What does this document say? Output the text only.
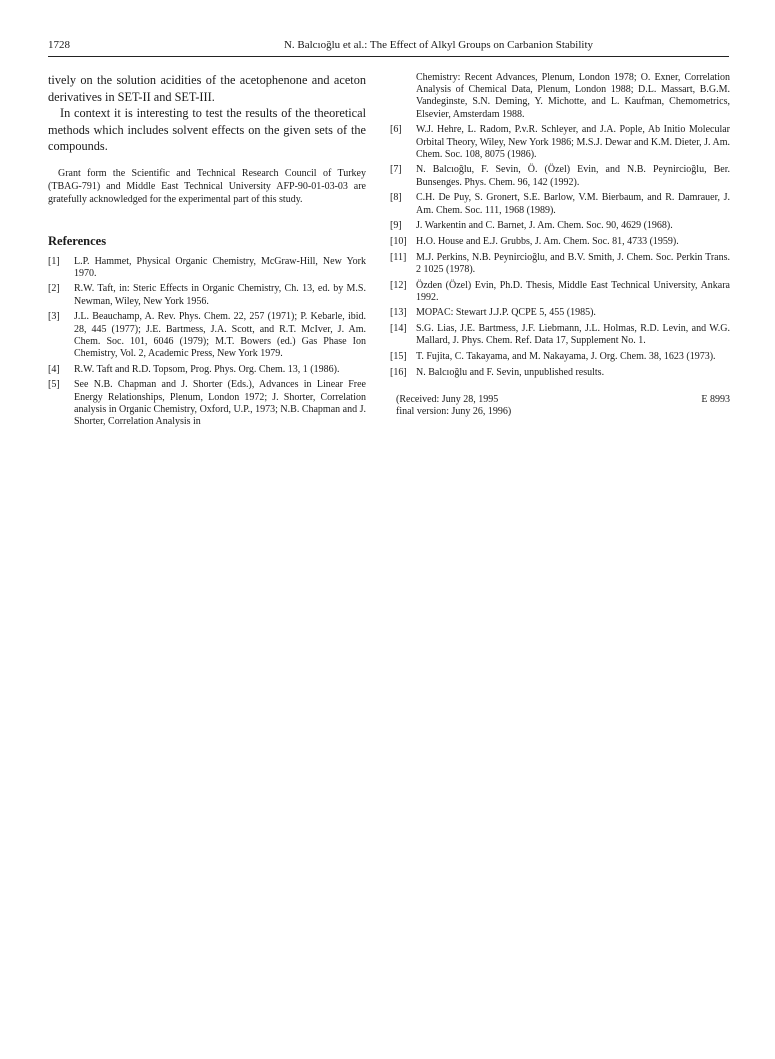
1728	N. Balcıoğlu et al.: The Effect of Alkyl Groups on Carbanion Stability

tively on the solution acidities of the acetophenone and aceton derivatives in SET-II and SET-III.

In context it is interesting to test the results of the theoretical methods which includes solvent effects on the given sets of the compounds.

Grant form the Scientific and Technical Research Council of Turkey (TBAG-791) and Middle East Technical University AFP-90-01-03-03 are gratefully acknowledged for the experimental part of this study.
References
[1]	L.P. Hammet, Physical Organic Chemistry, McGraw-Hill, New York 1970.
[2]	R.W. Taft, in: Steric Effects in Organic Chemistry, Ch. 13, ed. by M.S. Newman, Wiley, New York 1956.
[3]	J.L. Beauchamp, A. Rev. Phys. Chem. 22, 257 (1971); P. Kebarle, ibid. 28, 445 (1977); J.E. Bartmess, J.A. Scott, and R.T. McIver, J. Am. Chem. Soc. 101, 6046 (1979); M.T. Bowers (ed.) Gas Phase Ion Chemistry, Vol. 2, Academic Press, New York 1979.
[4]	R.W. Taft and R.D. Topsom, Prog. Phys. Org. Chem. 13, 1 (1986).
[5]	See N.B. Chapman and J. Shorter (Eds.), Advances in Linear Free Energy Relationships, Plenum, London 1972; J. Shorter, Correlation analysis in Organic Chemistry, Oxford, U.P., 1973; N.B. Chapman and J. Shorter, Correlation Analysis in
Chemistry: Recent Advances, Plenum, London 1978; O. Exner, Correlation Analysis of Chemical Data, Plenum, London 1988; D.L. Massart, B.G.M. Vandeginste, S.N. Deming, Y. Michotte, and L. Kaufman, Chemometrics, Elsevier, Amsterdam 1988.
[6]	W.J. Hehre, L. Radom, P.v.R. Schleyer, and J.A. Pople, Ab Initio Molecular Orbital Theory, Wiley, New York 1986; M.S.J. Dewar and K.M. Dieter, J. Am. Chem. Soc. 108, 8075 (1986).
[7]	N. Balcıoğlu, F. Sevin, Ö. (Özel) Evin, and N.B. Peynircioğlu, Ber. Bunsenges. Phys. Chem. 96, 142 (1992).
[8]	C.H. De Puy, S. Gronert, S.E. Barlow, V.M. Bierbaum, and R. Damrauer, J. Am. Chem. Soc. 111, 1968 (1989).
[9]	J. Warkentin and C. Barnet, J. Am. Chem. Soc. 90, 4629 (1968).
[10] H.O. House and E.J. Grubbs, J. Am. Chem. Soc. 81, 4733 (1959).
[11] M.J. Perkins, N.B. Peynircioğlu, and B.V. Smith, J. Chem. Soc. Perkin Trans. 2 1025 (1978).
[12] Özden (Özel) Evin, Ph.D. Thesis, Middle East Technical University, Ankara 1992.
[13] MOPAC: Stewart J.J.P. QCPE 5, 455 (1985).
[14] S.G. Lias, J.E. Bartmess, J.F. Liebmann, J.L. Holmas, R.D. Levin, and W.G. Mallard, J. Phys. Chem. Ref. Data 17, Supplement No. 1.
[15] T. Fujita, C. Takayama, and M. Nakayama, J. Org. Chem. 38, 1623 (1973).
[16] N. Balcıoğlu and F. Sevin, unpublished results.
(Received: Juny 28, 1995
final version: Juny 26, 1996)
E 8993
